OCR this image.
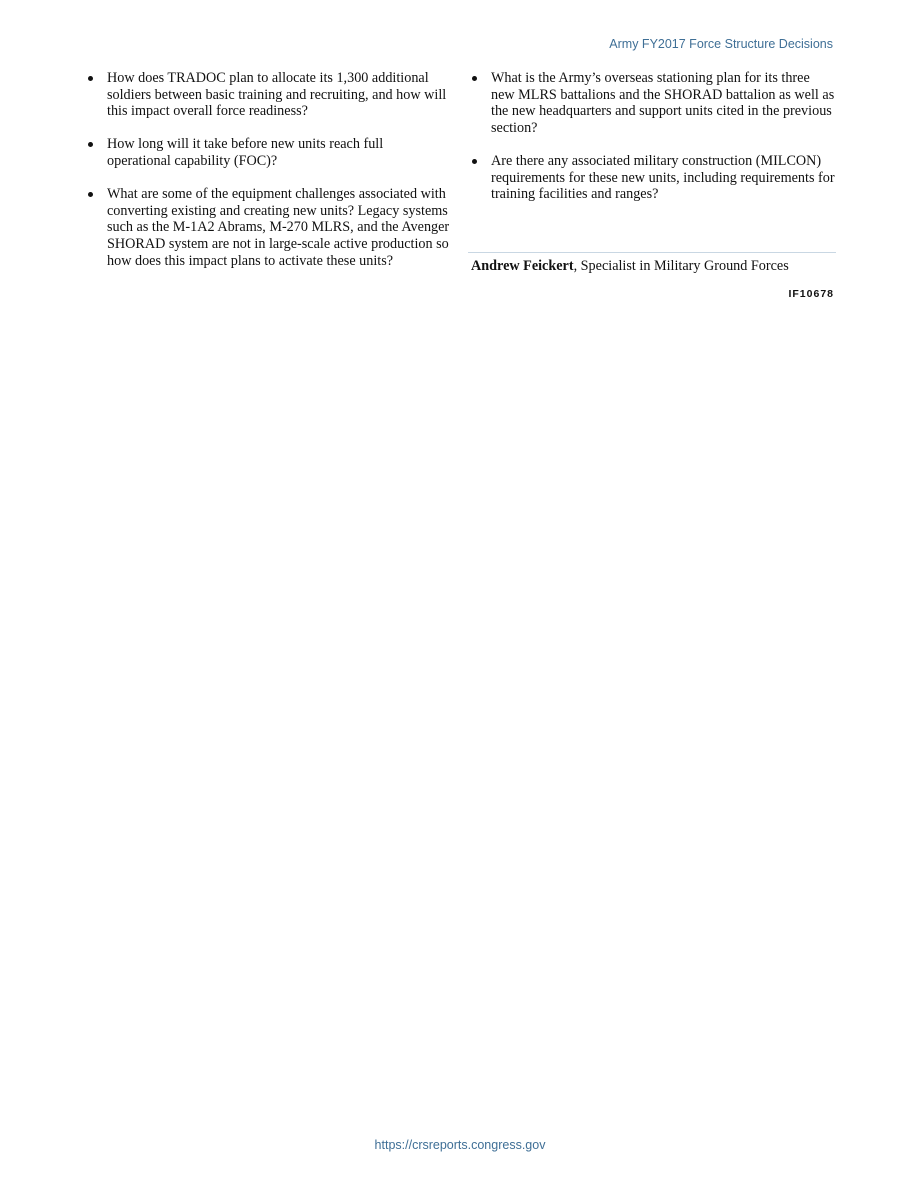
Army FY2017 Force Structure Decisions
How does TRADOC plan to allocate its 1,300 additional soldiers between basic training and recruiting, and how will this impact overall force readiness?
How long will it take before new units reach full operational capability (FOC)?
What are some of the equipment challenges associated with converting existing and creating new units? Legacy systems such as the M-1A2 Abrams, M-270 MLRS, and the Avenger SHORAD system are not in large-scale active production so how does this impact plans to activate these units?
What is the Army’s overseas stationing plan for its three new MLRS battalions and the SHORAD battalion as well as the new headquarters and support units cited in the previous section?
Are there any associated military construction (MILCON) requirements for these new units, including requirements for training facilities and ranges?
Andrew Feickert, Specialist in Military Ground Forces
IF10678
https://crsreports.congress.gov
